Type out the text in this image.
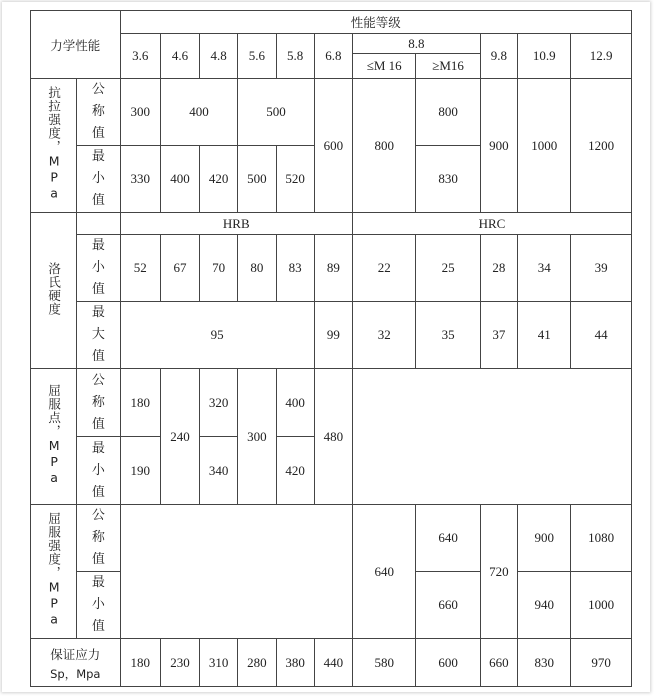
力学性能		性能等级										
		3.6	4.6	4.8	5.6	5.8	6.8	8.8		9.8	10.9	12.9
								≤M 16	≥M16			
抗拉强度，MPa	公称值	300	400		500		600	800	800	900	1000	1200
	最小值	330	400	420	500	520			830			
洛氏硬度		HRB						HRC				
	最小值	52	67	70	80	83	89	22	25	28	34	39
	最大值	95					99	32	35	37	41	44
屈服点，MPa	公称值	180	240	320	300	400	480					
	最小值	190		340		420						
屈服强度，MPa	公称值							640	640	720	900	1080
	最小值								660		940	1000

保证应力
Sp，Mpa		180	230	310	280	380	440	580	600	660	830	970
